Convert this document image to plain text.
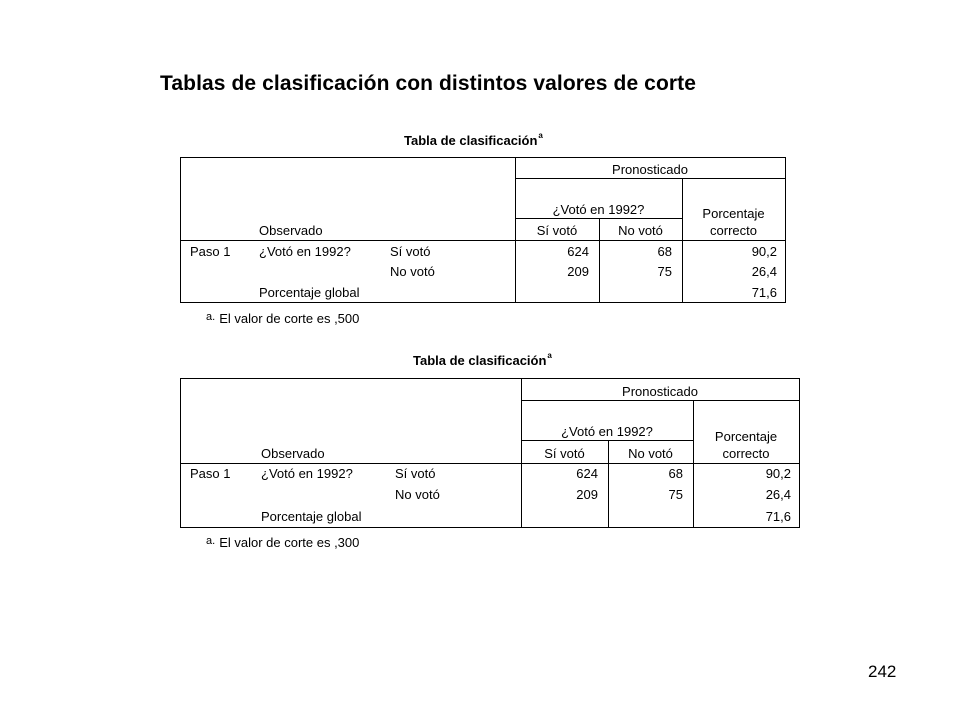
Tablas de clasificación con distintos valores de corte
Tabla de clasificación$^a$
Pronosticado
¿Votó en 1992?
Observado	Sí votó	No votó
Porcentaje
correcto
Paso 1 ¿Votó en 1992?	Sí votó	624	68	90,2
No votó	209	75	26,4
Porcentaje global	71,6
$^{a.}$ El valor de corte es ,500
Tabla de clasificación$^a$
Pronosticado
¿Votó en 1992?
Observado	Sí votó	No votó
Porcentaje
correcto
Paso 1 ¿Votó en 1992?	Sí votó	624	68	90,2
No votó	209	75	26,4
Porcentaje global	71,6
$^{a.}$ El valor de corte es ,300
242
